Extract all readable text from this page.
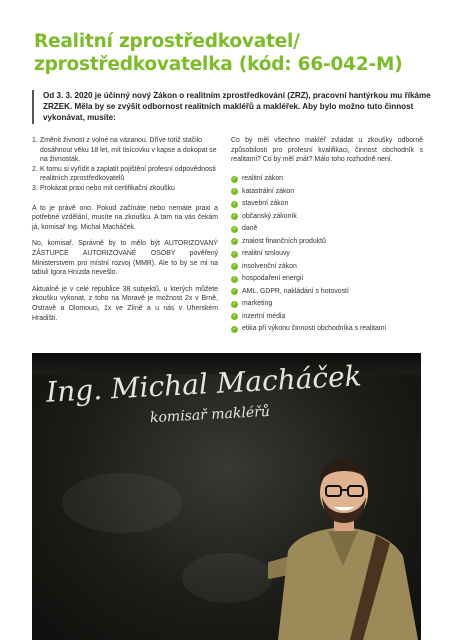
Realitní zprostředkovatel/ zprostředkovatelka (kód: 66-042-M)
Od 3. 3. 2020 je účinný nový Zákon o realitním zprostředkování (ZRZ), pracovní hantýrkou mu říkáme ZRZEK. Měla by se zvýšit odbornost realitních makléřů a makléřek. Aby bylo možno tuto činnost vykonávat, musíte:
1. Změnit živnost z volné na vázanou. Dříve totiž stačilo dosáhnout věku 18 let, mít tisícovku v kapse a dokopat se na živnosták.
2. K tomu si vyřídit a zaplatit pojištění profesní odpovědnosti realitních zprostředkovatelů
3. Prokázat praxi nebo mít certifikační zkoušku

A to je právě ono. Pokud začínáte nebo nemáte praxi a potřebné vzdělání, musíte na zkoušku. A tam na vás čekám já, komisař Ing. Michal Macháček.

No, komisař. Správně by to mělo být AUTORIZOVANÝ ZÁSTUPCE AUTORIZOVANÉ OSOBY pověřený Ministerstvem pro místní rozvoj (MMR). Ale to by se mi na tabuli Igora Hnízda nevešlo.

Aktuálně je v celé republice 38 subjektů, u kterých můžete zkoušku vykonat, z toho na Moravě je možnost 2x v Brně, Ostravě a Olomouci, 1x ve Zlíně a u nás v Uherském Hradišti.

Co by měl všechno makléř zvládat u zkoušky odborně způsobilosti pro profesní kvalifikaci, činnost obchodník s realitami? Co by měl znát? Málo toho rozhodně není.

✓ realitní zákon
✓ katastrální zákon
✓ stavební zákon
✓ občanský zákoník
✓ daně
✓ znalost finančních produktů
✓ realitní smlouvy
✓ insolvenční zákon
✓ hospodaření energií
✓ AML, GDPR, nakládání s hotovostí
✓ marketing
✓ inzertní média
✓ etika při výkonu činnosti obchodníka s realitami
Ing. Michal Macháček
komisař makléřů
